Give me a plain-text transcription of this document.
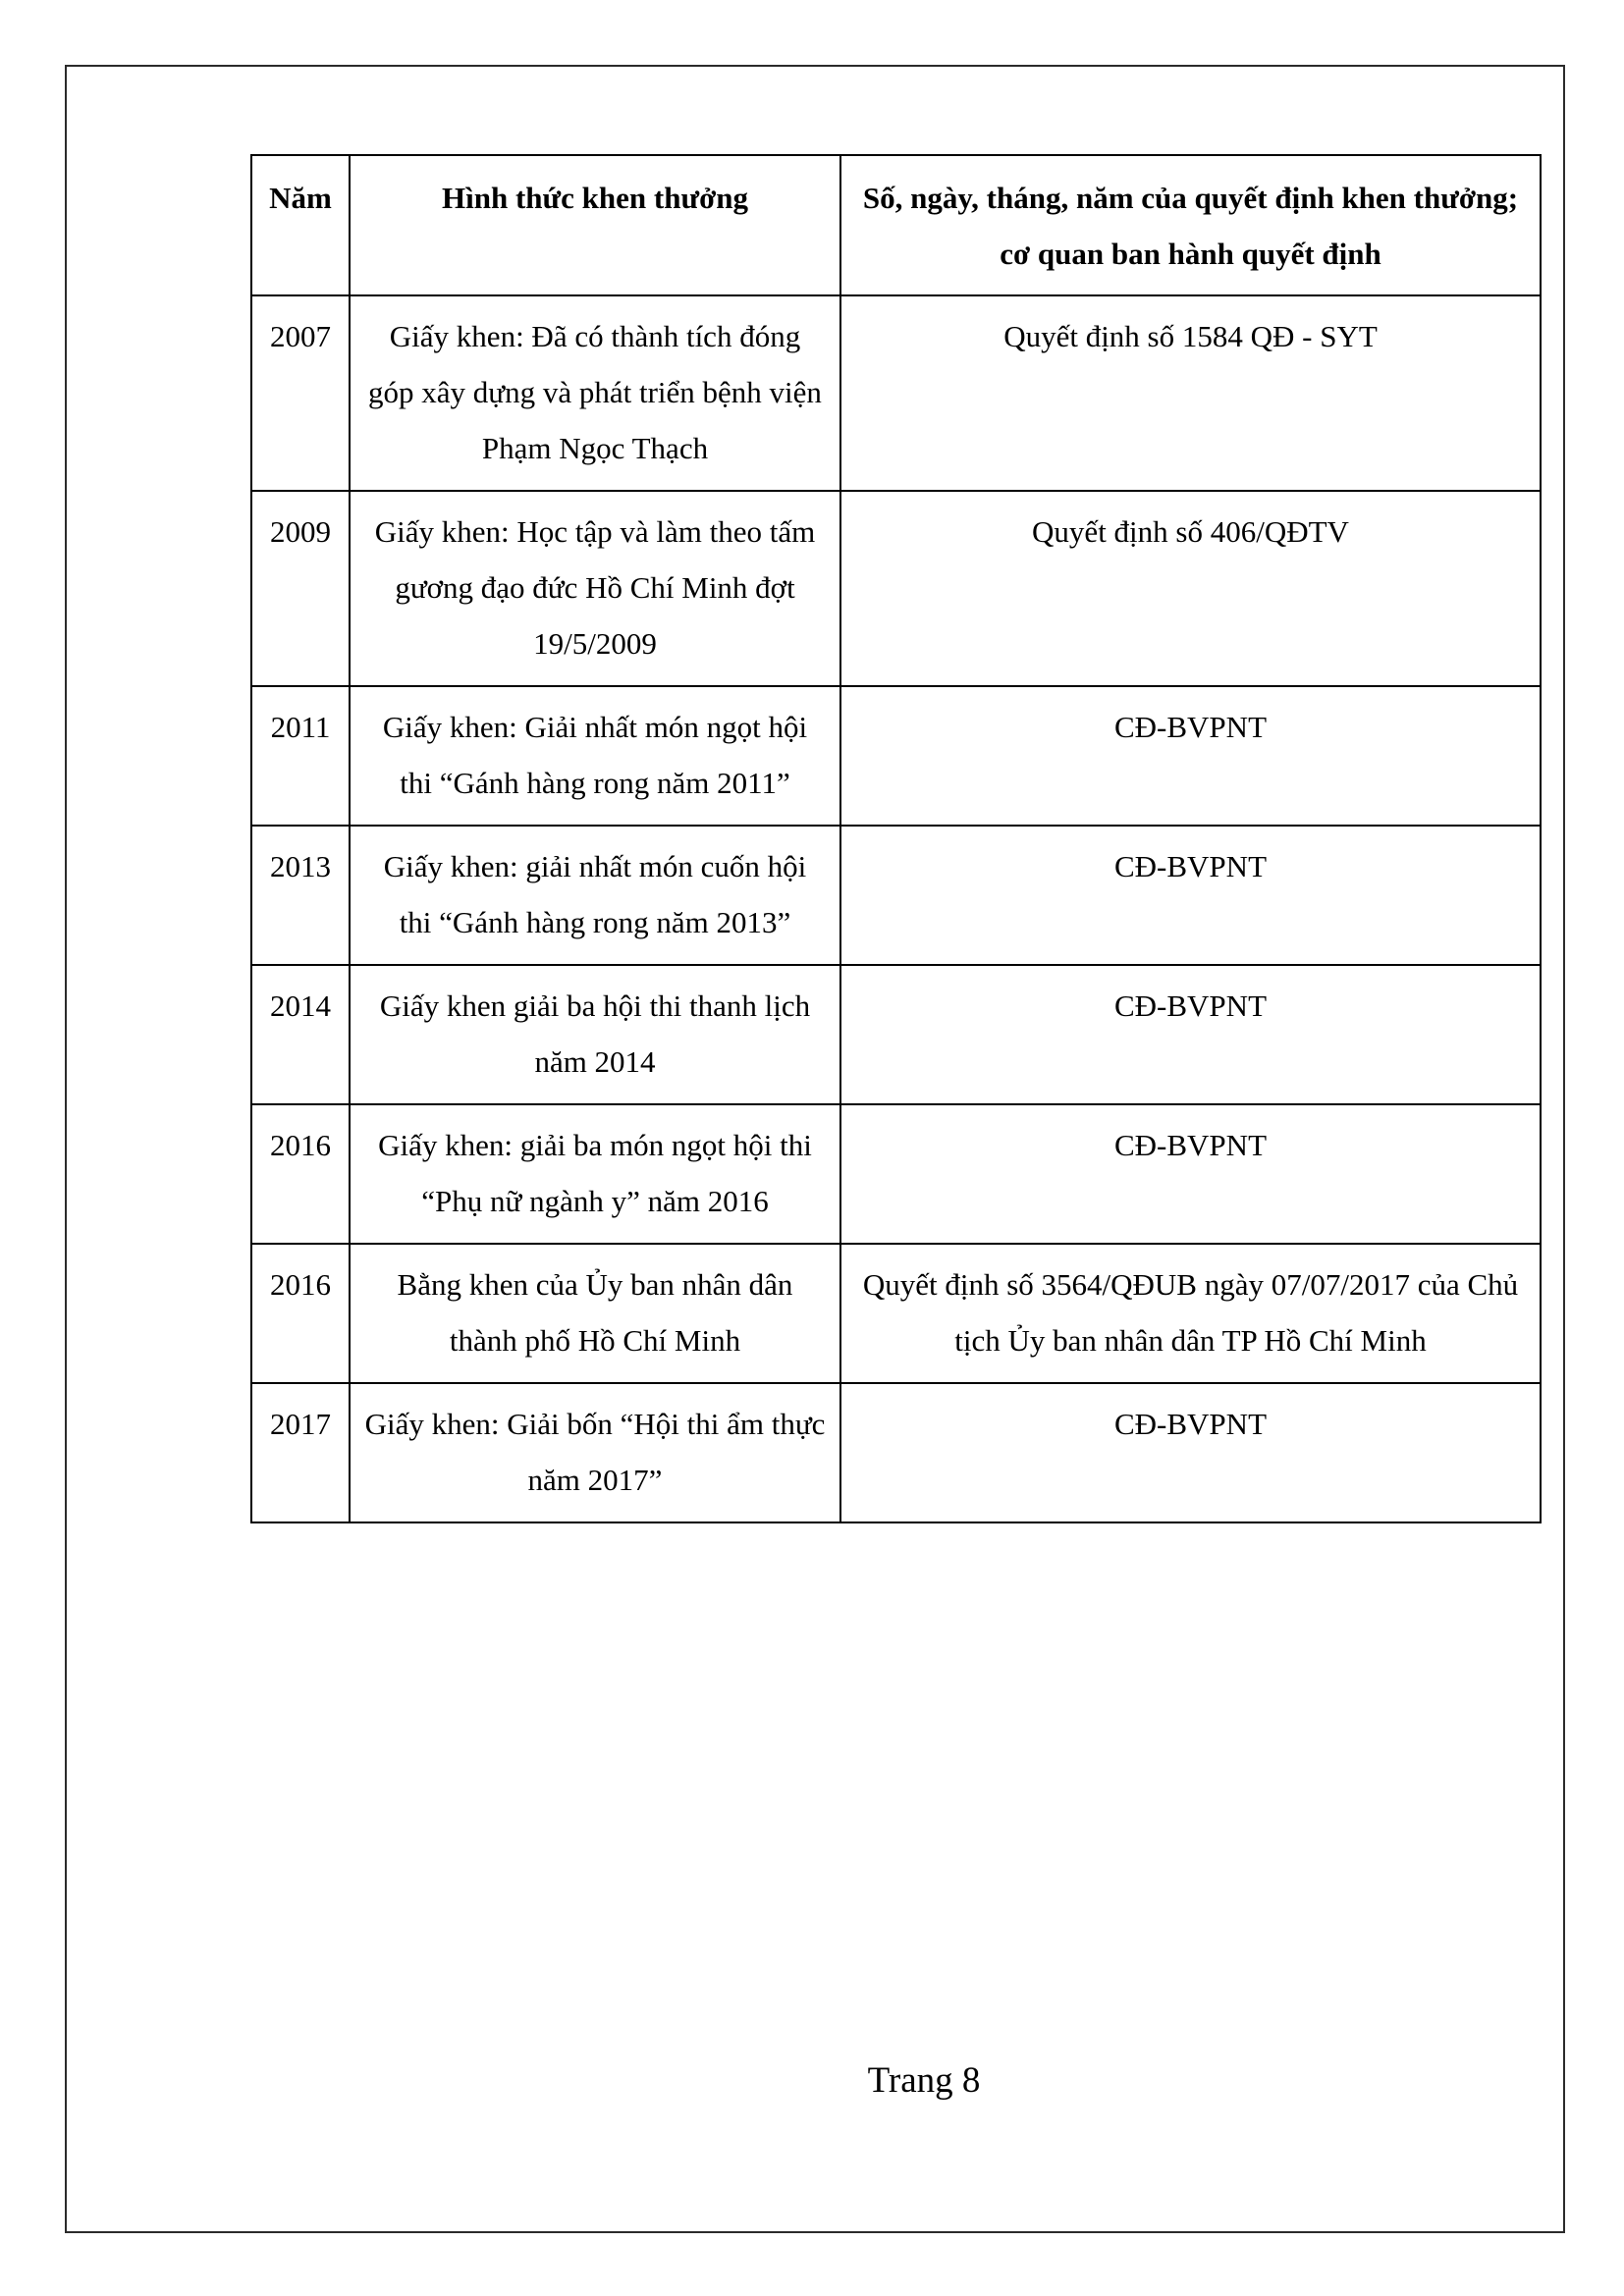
Năm	Hình thức khen thưởng	Số, ngày, tháng, năm của quyết định khen thưởng; cơ quan ban hành quyết định
2007	Giấy khen: Đã có thành tích đóng góp xây dựng và phát triển bệnh viện Phạm Ngọc Thạch	Quyết định số 1584 QĐ - SYT
2009	Giấy khen: Học tập và làm theo tấm gương đạo đức Hồ Chí Minh đợt 19/5/2009	Quyết định số 406/QĐTV
2011	Giấy khen: Giải nhất món ngọt hội thi “Gánh hàng rong năm 2011”	CĐ-BVPNT
2013	Giấy khen: giải nhất món cuốn hội thi “Gánh hàng rong năm 2013”	CĐ-BVPNT
2014	Giấy khen giải ba hội thi thanh lịch năm 2014	CĐ-BVPNT
2016	Giấy khen: giải ba món ngọt hội thi “Phụ nữ ngành y” năm 2016	CĐ-BVPNT
2016	Bằng khen của Ủy ban nhân dân thành phố Hồ Chí Minh	Quyết định số 3564/QĐUB ngày 07/07/2017 của Chủ tịch Ủy ban nhân dân TP Hồ Chí Minh
2017	Giấy khen: Giải bốn “Hội thi ẩm thực năm 2017”	CĐ-BVPNT
Trang 8
